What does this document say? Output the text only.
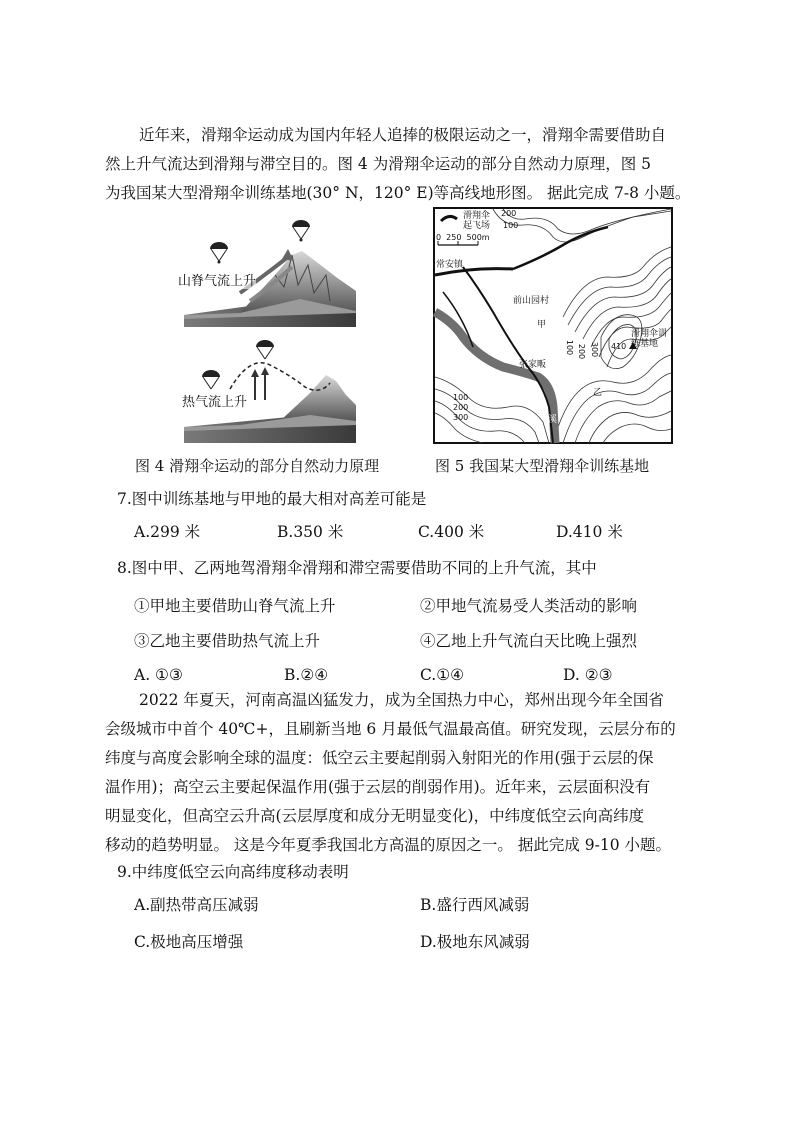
近年来，滑翔伞运动成为国内年轻人追捧的极限运动之一，滑翔伞需要借助自
然上升气流达到滑翔与滞空目的。图 4 为滑翔伞运动的部分自然动力原理，图 5
为我国某大型滑翔伞训练基地(30° N，120° E)等高线地形图。 据此完成 7-8 小题。
山脊气流上升
热气流上升
滑翔伞
起飞场
0  250  500m
常安镇
前山园村
甲
乙
张家畈
滑翔伞训
练基地
410
壶
源
溪
200
100
100 200 300
100
200
300
图 4 滑翔伞运动的部分自然动力原理	图 5 我国某大型滑翔伞训练基地
7.图中训练基地与甲地的最大相对高差可能是
A.299 米	B.350 米	C.400 米	D.410 米
8.图中甲、乙两地驾滑翔伞滑翔和滞空需要借助不同的上升气流，其中
①甲地主要借助山脊气流上升	②甲地气流易受人类活动的影响
③乙地主要借助热气流上升	④乙地上升气流白天比晚上强烈
A. ①③	B.②④	C.①④	D. ②③
2022 年夏天，河南高温凶猛发力，成为全国热力中心，郑州出现今年全国省
会级城市中首个 40℃+，且刷新当地 6 月最低气温最高值。研究发现，云层分布的
纬度与高度会影响全球的温度：低空云主要起削弱入射阳光的作用(强于云层的保
温作用)；高空云主要起保温作用(强于云层的削弱作用)。近年来，云层面积没有
明显变化，但高空云升高(云层厚度和成分无明显变化)，中纬度低空云向高纬度
移动的趋势明显。 这是今年夏季我国北方高温的原因之一。 据此完成 9-10 小题。
9.中纬度低空云向高纬度移动表明
A.副热带高压减弱	B.盛行西风减弱
C.极地高压增强	D.极地东风减弱
